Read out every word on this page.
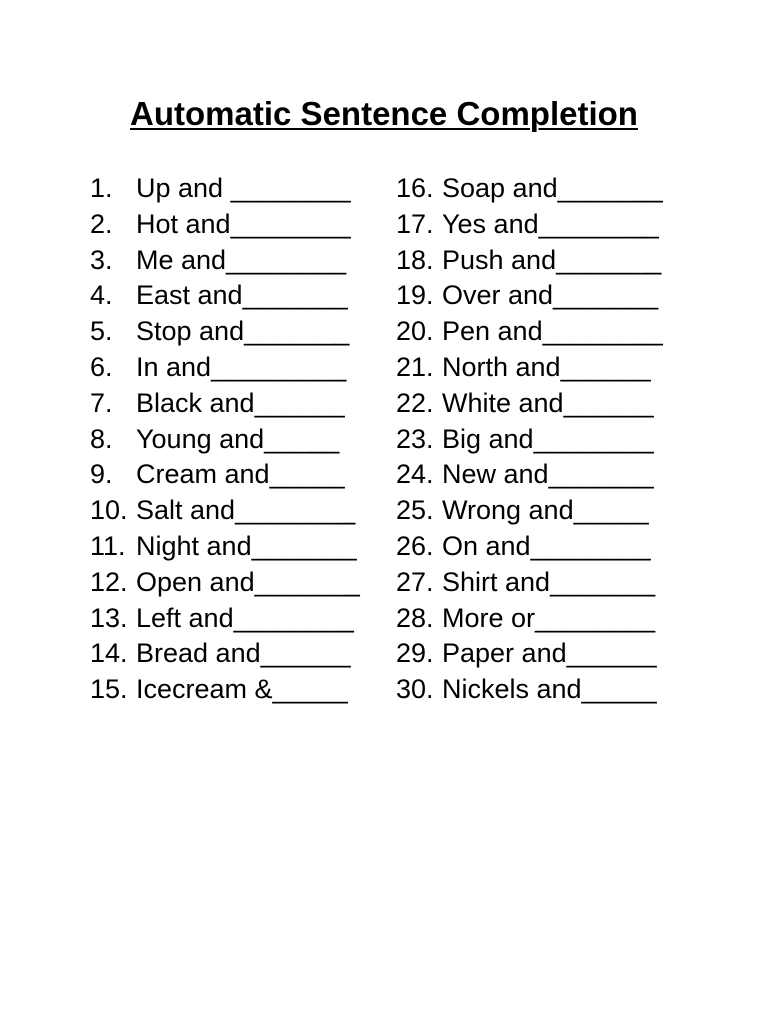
Automatic Sentence Completion
1. Up and ________
2. Hot and________
3. Me and________
4. East and_______
5. Stop and_______
6. In and_________
7. Black and______
8. Young and_____
9. Cream and_____
10. Salt and________
11. Night and_______
12. Open and_______
13. Left and________
14. Bread and______
15. Icecream &_____
16. Soap and_______
17. Yes and________
18. Push and_______
19. Over and_______
20. Pen and________
21. North and______
22. White and______
23. Big and________
24. New and_______
25. Wrong and_____
26. On and________
27. Shirt and_______
28. More or________
29. Paper and______
30. Nickels and_____
